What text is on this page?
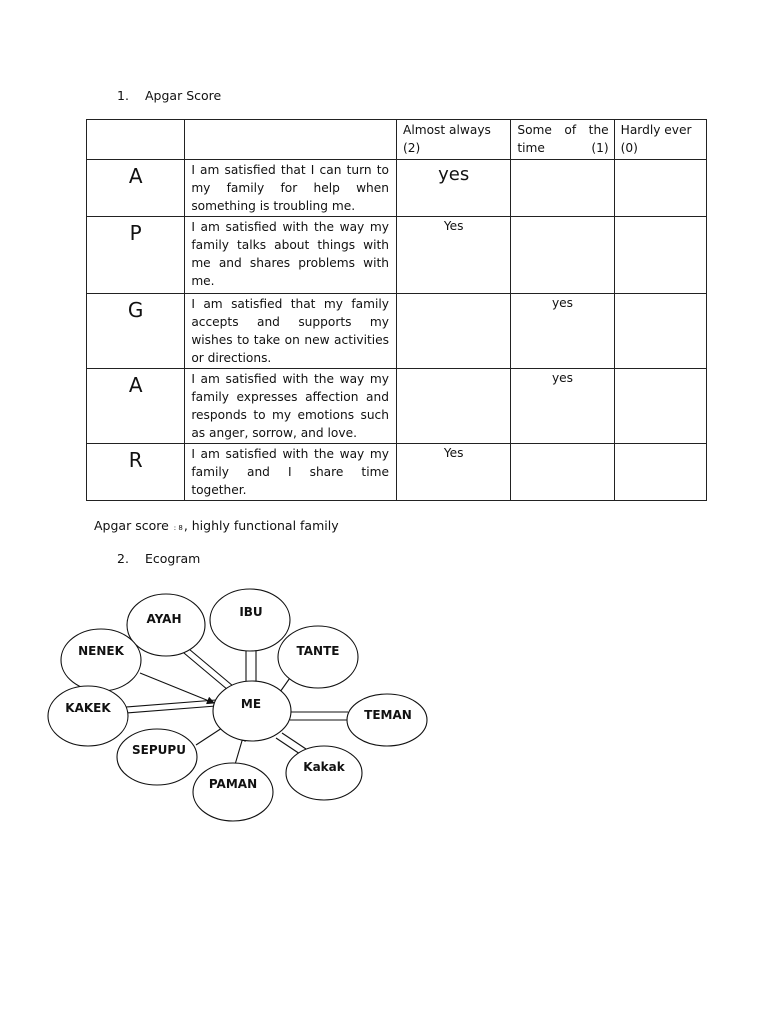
1. Apgar Score
		Almost always (2)	Some of the time (1)	Hardly ever (0)
A	I am satisfied that I can turn to my family for help when something is troubling me.	yes		
P	I am satisfied with the way my family talks about things with me and shares problems with me.	Yes		
G	I am satisfied that my family accepts and supports my wishes to take on new activities or directions.		yes	
A	I am satisfied with the way my family expresses affection and responds to my emotions such as anger, sorrow, and love.		yes	
R	I am satisfied with the way my family and I share time together.	Yes		
Apgar score : 8, highly functional family
2. Ecogram
AYAH	IBU
NENEK	TANTE
KAKEK	ME
TEMAN
SEPUPU
Kakak
PAMAN
